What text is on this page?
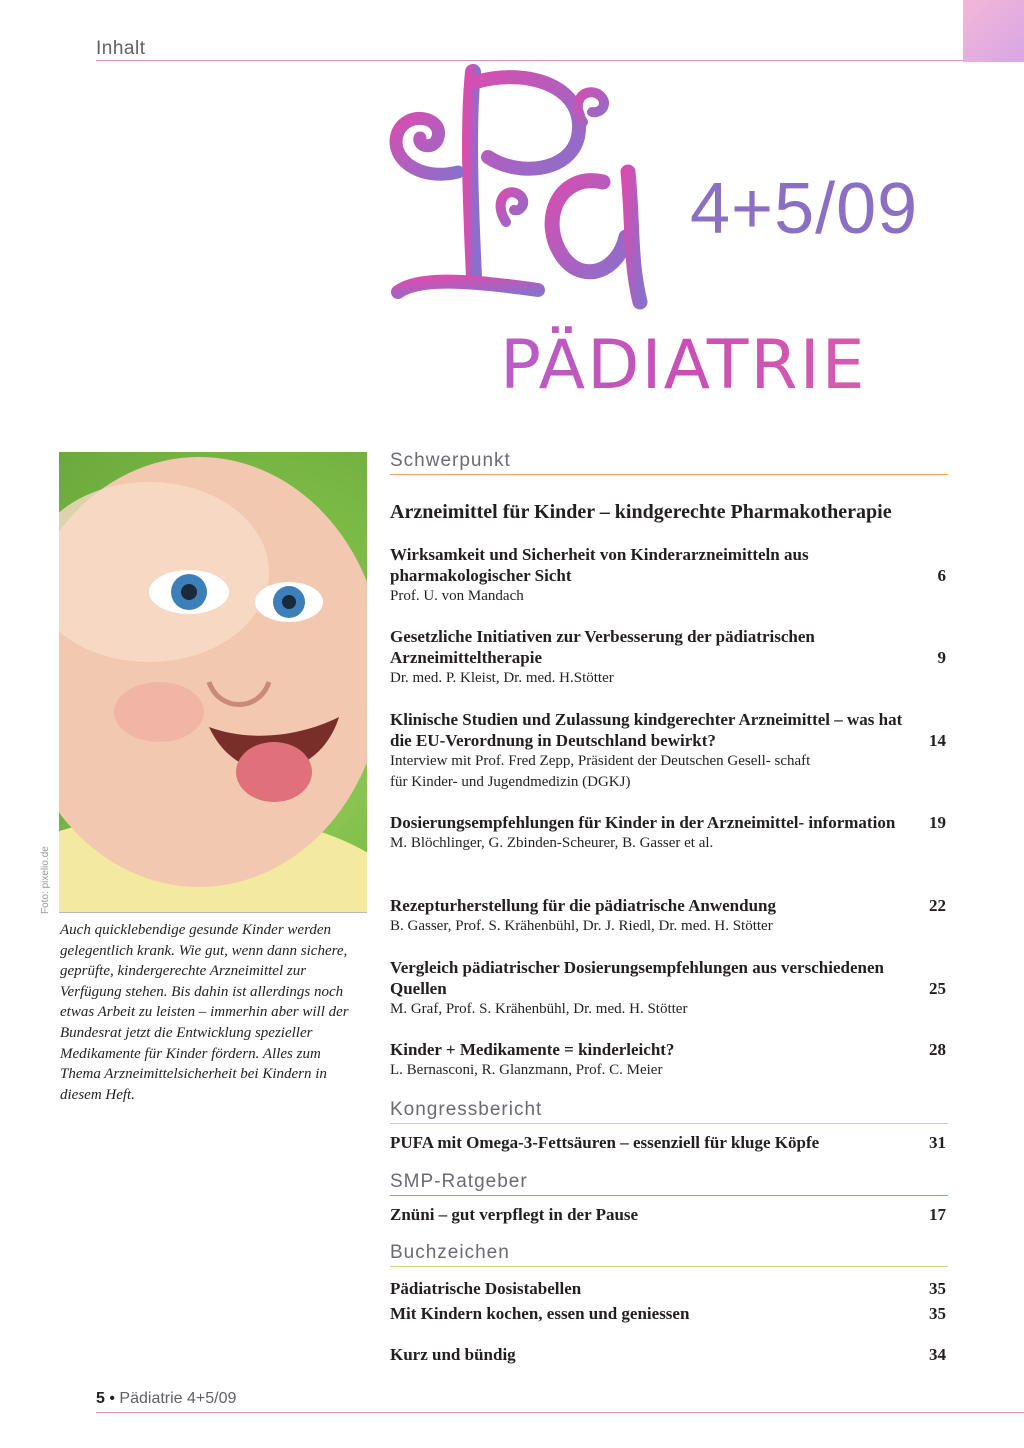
Inhalt
4+5/09
PÄDIATRIE
Foto: pixelio.de
Auch quicklebendige gesunde Kinder werden gelegentlich krank. Wie gut, wenn dann sichere, geprüfte, kindergerechte Arzneimittel zur Verfügung stehen. Bis dahin ist allerdings noch etwas Arbeit zu leisten – immerhin aber will der Bundesrat jetzt die Entwicklung spezieller Medikamente für Kinder fördern. Alles zum Thema Arzneimittelsicherheit bei Kindern in diesem Heft.
Schwerpunkt
Arzneimittel für Kinder – kindgerechte Pharmakotherapie
Wirksamkeit und Sicherheit von Kinderarzneimitteln aus pharmakologischer Sicht	6
Prof. U. von Mandach
Gesetzliche Initiativen zur Verbesserung der pädiatrischen Arzneimitteltherapie	9
Dr. med. P. Kleist, Dr. med. H.Stötter
Klinische Studien und Zulassung kindgerechter Arzneimittel – was hat die EU-Verordnung in Deutschland bewirkt?	14
Interview mit Prof. Fred Zepp, Präsident der Deutschen Gesell- schaft für Kinder- und Jugendmedizin (DGKJ)
Dosierungsempfehlungen für Kinder in der Arzneimittel- information 19
M. Blöchlinger, G. Zbinden-Scheurer, B. Gasser et al.
Rezepturherstellung für die pädiatrische Anwendung	22
B. Gasser, Prof. S. Krähenbühl, Dr. J. Riedl, Dr. med. H. Stötter
Vergleich pädiatrischer Dosierungsempfehlungen aus verschiedenen Quellen	25
M. Graf, Prof. S. Krähenbühl, Dr. med. H. Stötter
Kinder + Medikamente = kinderleicht?	28
L. Bernasconi, R. Glanzmann, Prof. C. Meier
Kongressbericht
PUFA mit Omega-3-Fettsäuren – essenziell für kluge Köpfe	31
SMP-Ratgeber
Znüni – gut verpflegt in der Pause	17
Buchzeichen
Pädiatrische Dosistabellen	35
Mit Kindern kochen, essen und geniessen	35
Kurz und bündig	34
5 • Pädiatrie 4+5/09
